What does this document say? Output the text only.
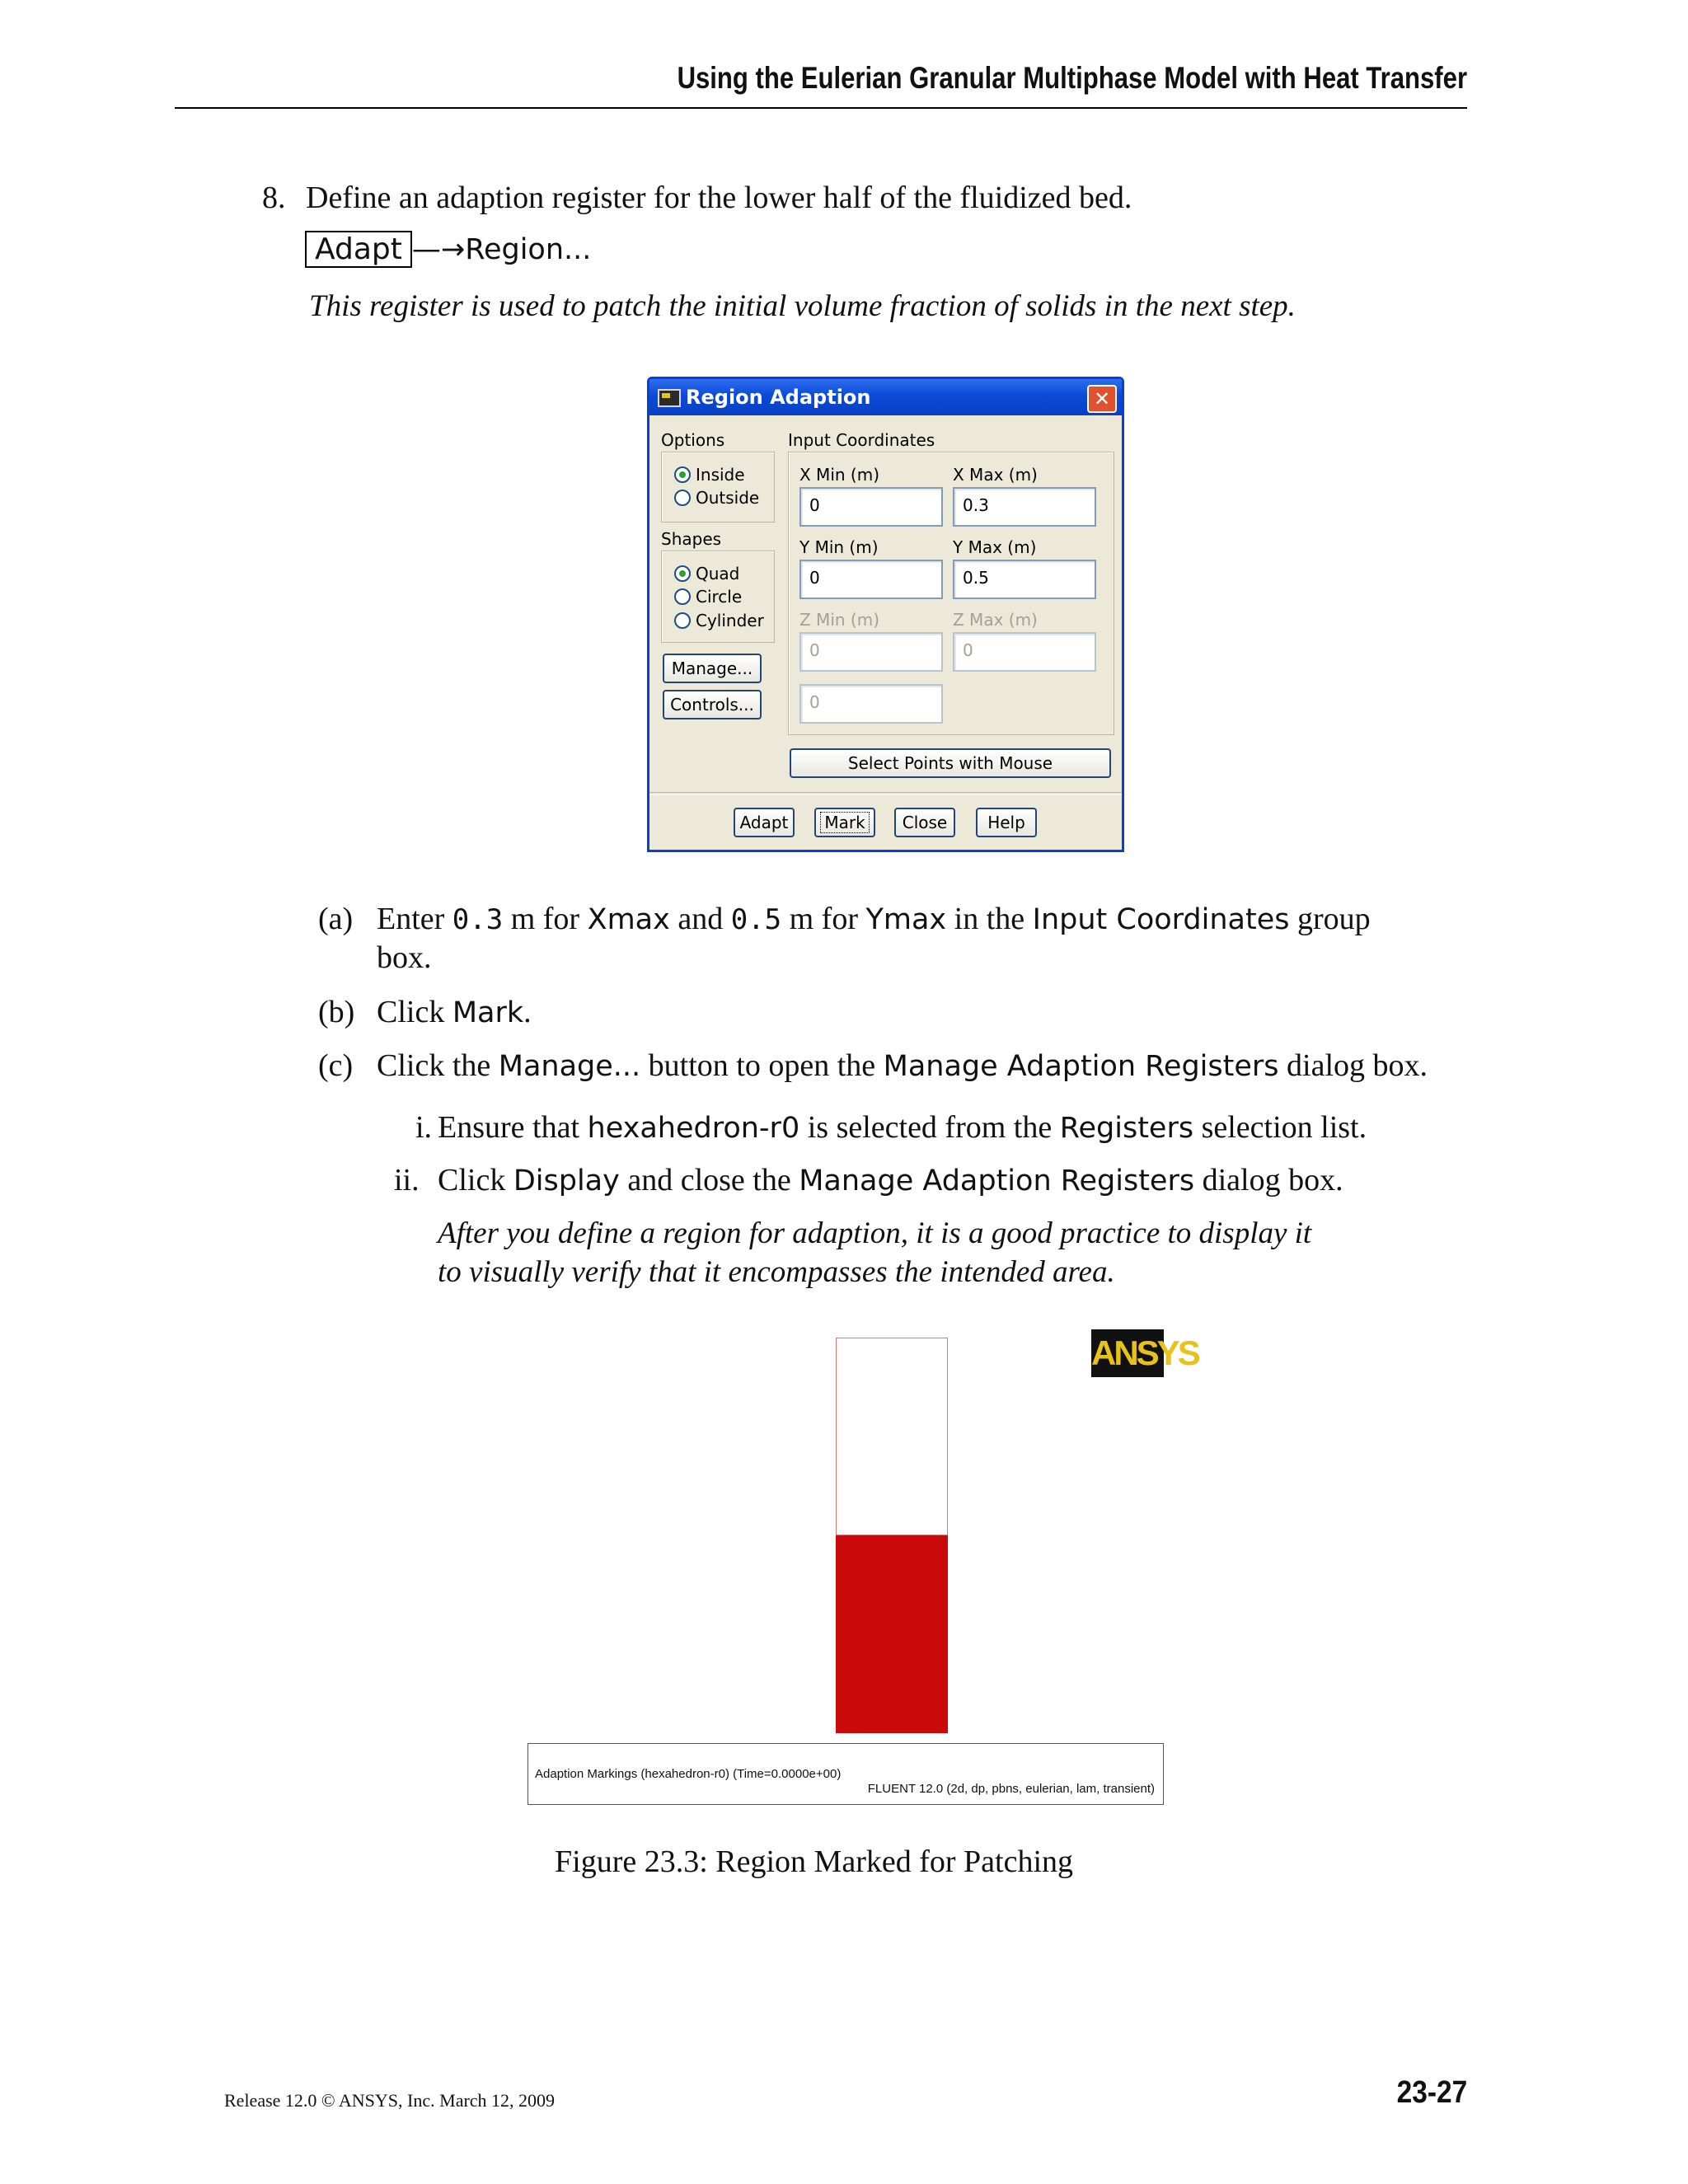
Using the Eulerian Granular Multiphase Model with Heat Transfer
8. Define an adaption register for the lower half of the fluidized bed.
Adapt —→Region...
This register is used to patch the initial volume fraction of solids in the next step.
Region Adaption	✕
Options
Inside
Outside
Shapes
Quad
Circle
Cylinder
Manage...
Controls...
Input Coordinates
X Min (m)
0
X Max (m)
0.3
Y Min (m)
0
Y Max (m)
0.5
Z Min (m)
0
Z Max (m)
0
0
Select Points with Mouse
Adapt	Mark	Close	Help
(a) Enter 0.3 m for Xmax and 0.5 m for Ymax in the Input Coordinates group
box.
(b) Click Mark.
(c) Click the Manage... button to open the Manage Adaption Registers dialog box.
i. Ensure that hexahedron-r0 is selected from the Registers selection list.
ii. Click Display and close the Manage Adaption Registers dialog box.
After you define a region for adaption, it is a good practice to display it
to visually verify that it encompasses the intended area.
ANSYS
Adaption Markings (hexahedron-r0) (Time=0.0000e+00)
FLUENT 12.0 (2d, dp, pbns, eulerian, lam, transient)
Figure 23.3: Region Marked for Patching
Release 12.0 © ANSYS, Inc. March 12, 2009	23-27
